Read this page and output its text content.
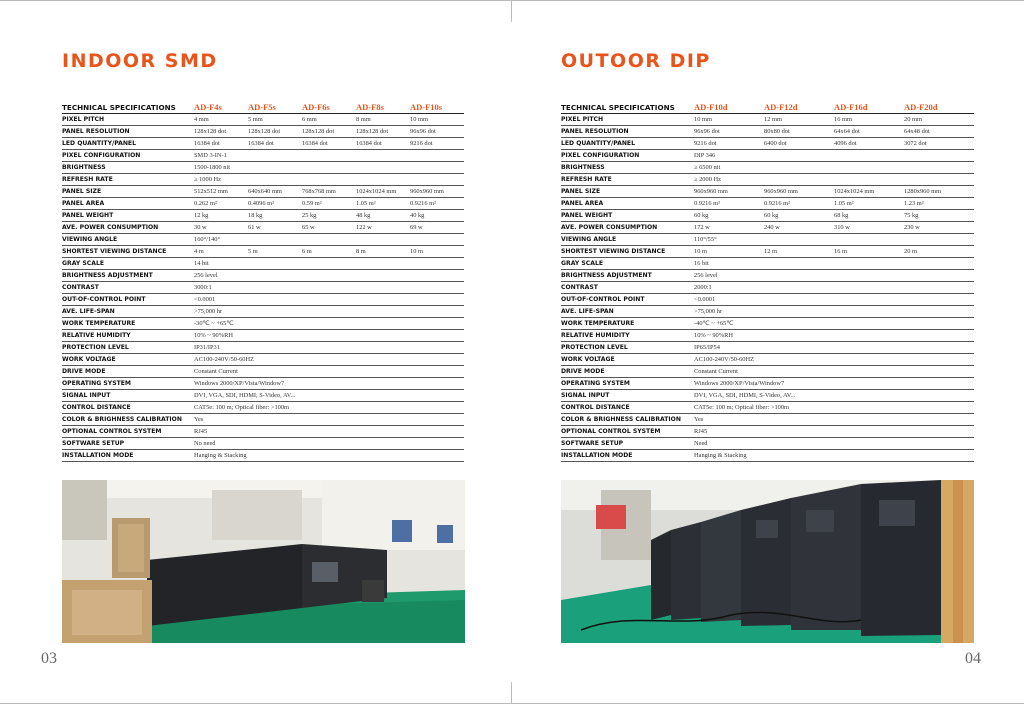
INDOOR SMD
TECHNICAL SPECIFICATIONS	AD-F4s	AD-F5s	AD-F6s	AD-F8s	AD-F10s
PIXEL PITCH	4 mm	5 mm	6 mm	8 mm	10 mm
PANEL RESOLUTION	128x128 dot	128x128 dot	128x128 dot	128x128 dot	96x96 dot
LED QUANTITY/PANEL	16384 dot	16384 dot	16384 dot	16384 dot	9216 dot
PIXEL CONFIGURATION	SMD 3-IN-1				
BRIGHTNESS	1500-1800 nit				
REFRESH RATE	≥ 1000 Hz				
PANEL SIZE	512x512 mm	640x640 mm	768x768 mm	1024x1024 mm	960x960 mm
PANEL AREA	0.262 m²	0.4096 m²	0.59 m²	1.05 m²	0.9216 m²
PANEL WEIGHT	12 kg	18 kg	25 kg	48 kg	40 kg
AVE. POWER CONSUMPTION	30 w	61 w	65 w	122 w	69 w
VIEWING ANGLE	160°/140°				
SHORTEST VIEWING DISTANCE	4 m	5 m	6 m	8 m	10 m
GRAY SCALE	14 bit				
BRIGHTNESS ADJUSTMENT	256 level				
CONTRAST	3000:1				
OUT-OF-CONTROL POINT	<0.0001				
AVE. LIFE-SPAN	>75,000 hr				
WORK TEMPERATURE	-30℃ ~ +65℃				
RELATIVE HUMIDITY	10% ~ 90%RH				
PROTECTION LEVEL	IP31/IP31				
WORK VOLTAGE	AC100-240V/50-60HZ				
DRIVE MODE	Constant Current				
OPERATING SYSTEM	Windows 2000/XP/Vista/Window7				
SIGNAL INPUT	DVI, VGA, SDI, HDMI, S-Video, AV...				
CONTROL DISTANCE	CAT5e: 100 m; Optical fiber: >100m				
COLOR & BRIGHNESS CALIBRATION	Yes				
OPTIONAL CONTROL SYSTEM	RJ45				
SOFTWARE SETUP	No need				
INSTALLATION MODE	Hanging & Stacking				
03
OUTOOR DIP
TECHNICAL SPECIFICATIONS	AD-F10d	AD-F12d	AD-F16d	AD-F20d
PIXEL PITCH	10 mm	12 mm	16 mm	20 mm
PANEL RESOLUTION	96x96 dot	80x80 dot	64x64 dot	64x48 dot
LED QUANTITY/PANEL	9216 dot	6400 dot	4096 dot	3072 dot
PIXEL CONFIGURATION	DIP 346			
BRIGHTNESS	≥ 6500 nit			
REFRESH RATE	≥ 2000 Hz			
PANEL SIZE	960x960 mm	960x960 mm	1024x1024 mm	1280x960 mm
PANEL AREA	0.9216 m²	0.9216 m²	1.05 m²	1.23 m²
PANEL WEIGHT	60 kg	60 kg	68 kg	75 kg
AVE. POWER CONSUMPTION	172 w	240 w	310 w	230 w
VIEWING ANGLE	110°/55°			
SHORTEST VIEWING DISTANCE	10 m	12 m	16 m	20 m
GRAY SCALE	16 bit			
BRIGHTNESS ADJUSTMENT	256 level			
CONTRAST	2000:1			
OUT-OF-CONTROL POINT	<0.0001			
AVE. LIFE-SPAN	>75,000 hr			
WORK TEMPERATURE	-40℃ ~ +65℃			
RELATIVE HUMIDITY	10% ~ 90%RH			
PROTECTION LEVEL	IP65/IP54			
WORK VOLTAGE	AC100-240V/50-60HZ			
DRIVE MODE	Constant Current			
OPERATING SYSTEM	Windows 2000/XP/Vista/Window7			
SIGNAL INPUT	DVI, VGA, SDI, HDMI, S-Video, AV...			
CONTROL DISTANCE	CAT5e: 100 m; Optical fiber: >100m			
COLOR & BRIGHNESS CALIBRATION	Yes			
OPTIONAL CONTROL SYSTEM	RJ45			
SOFTWARE SETUP	Need			
INSTALLATION MODE	Hanging & Stacking			
04
